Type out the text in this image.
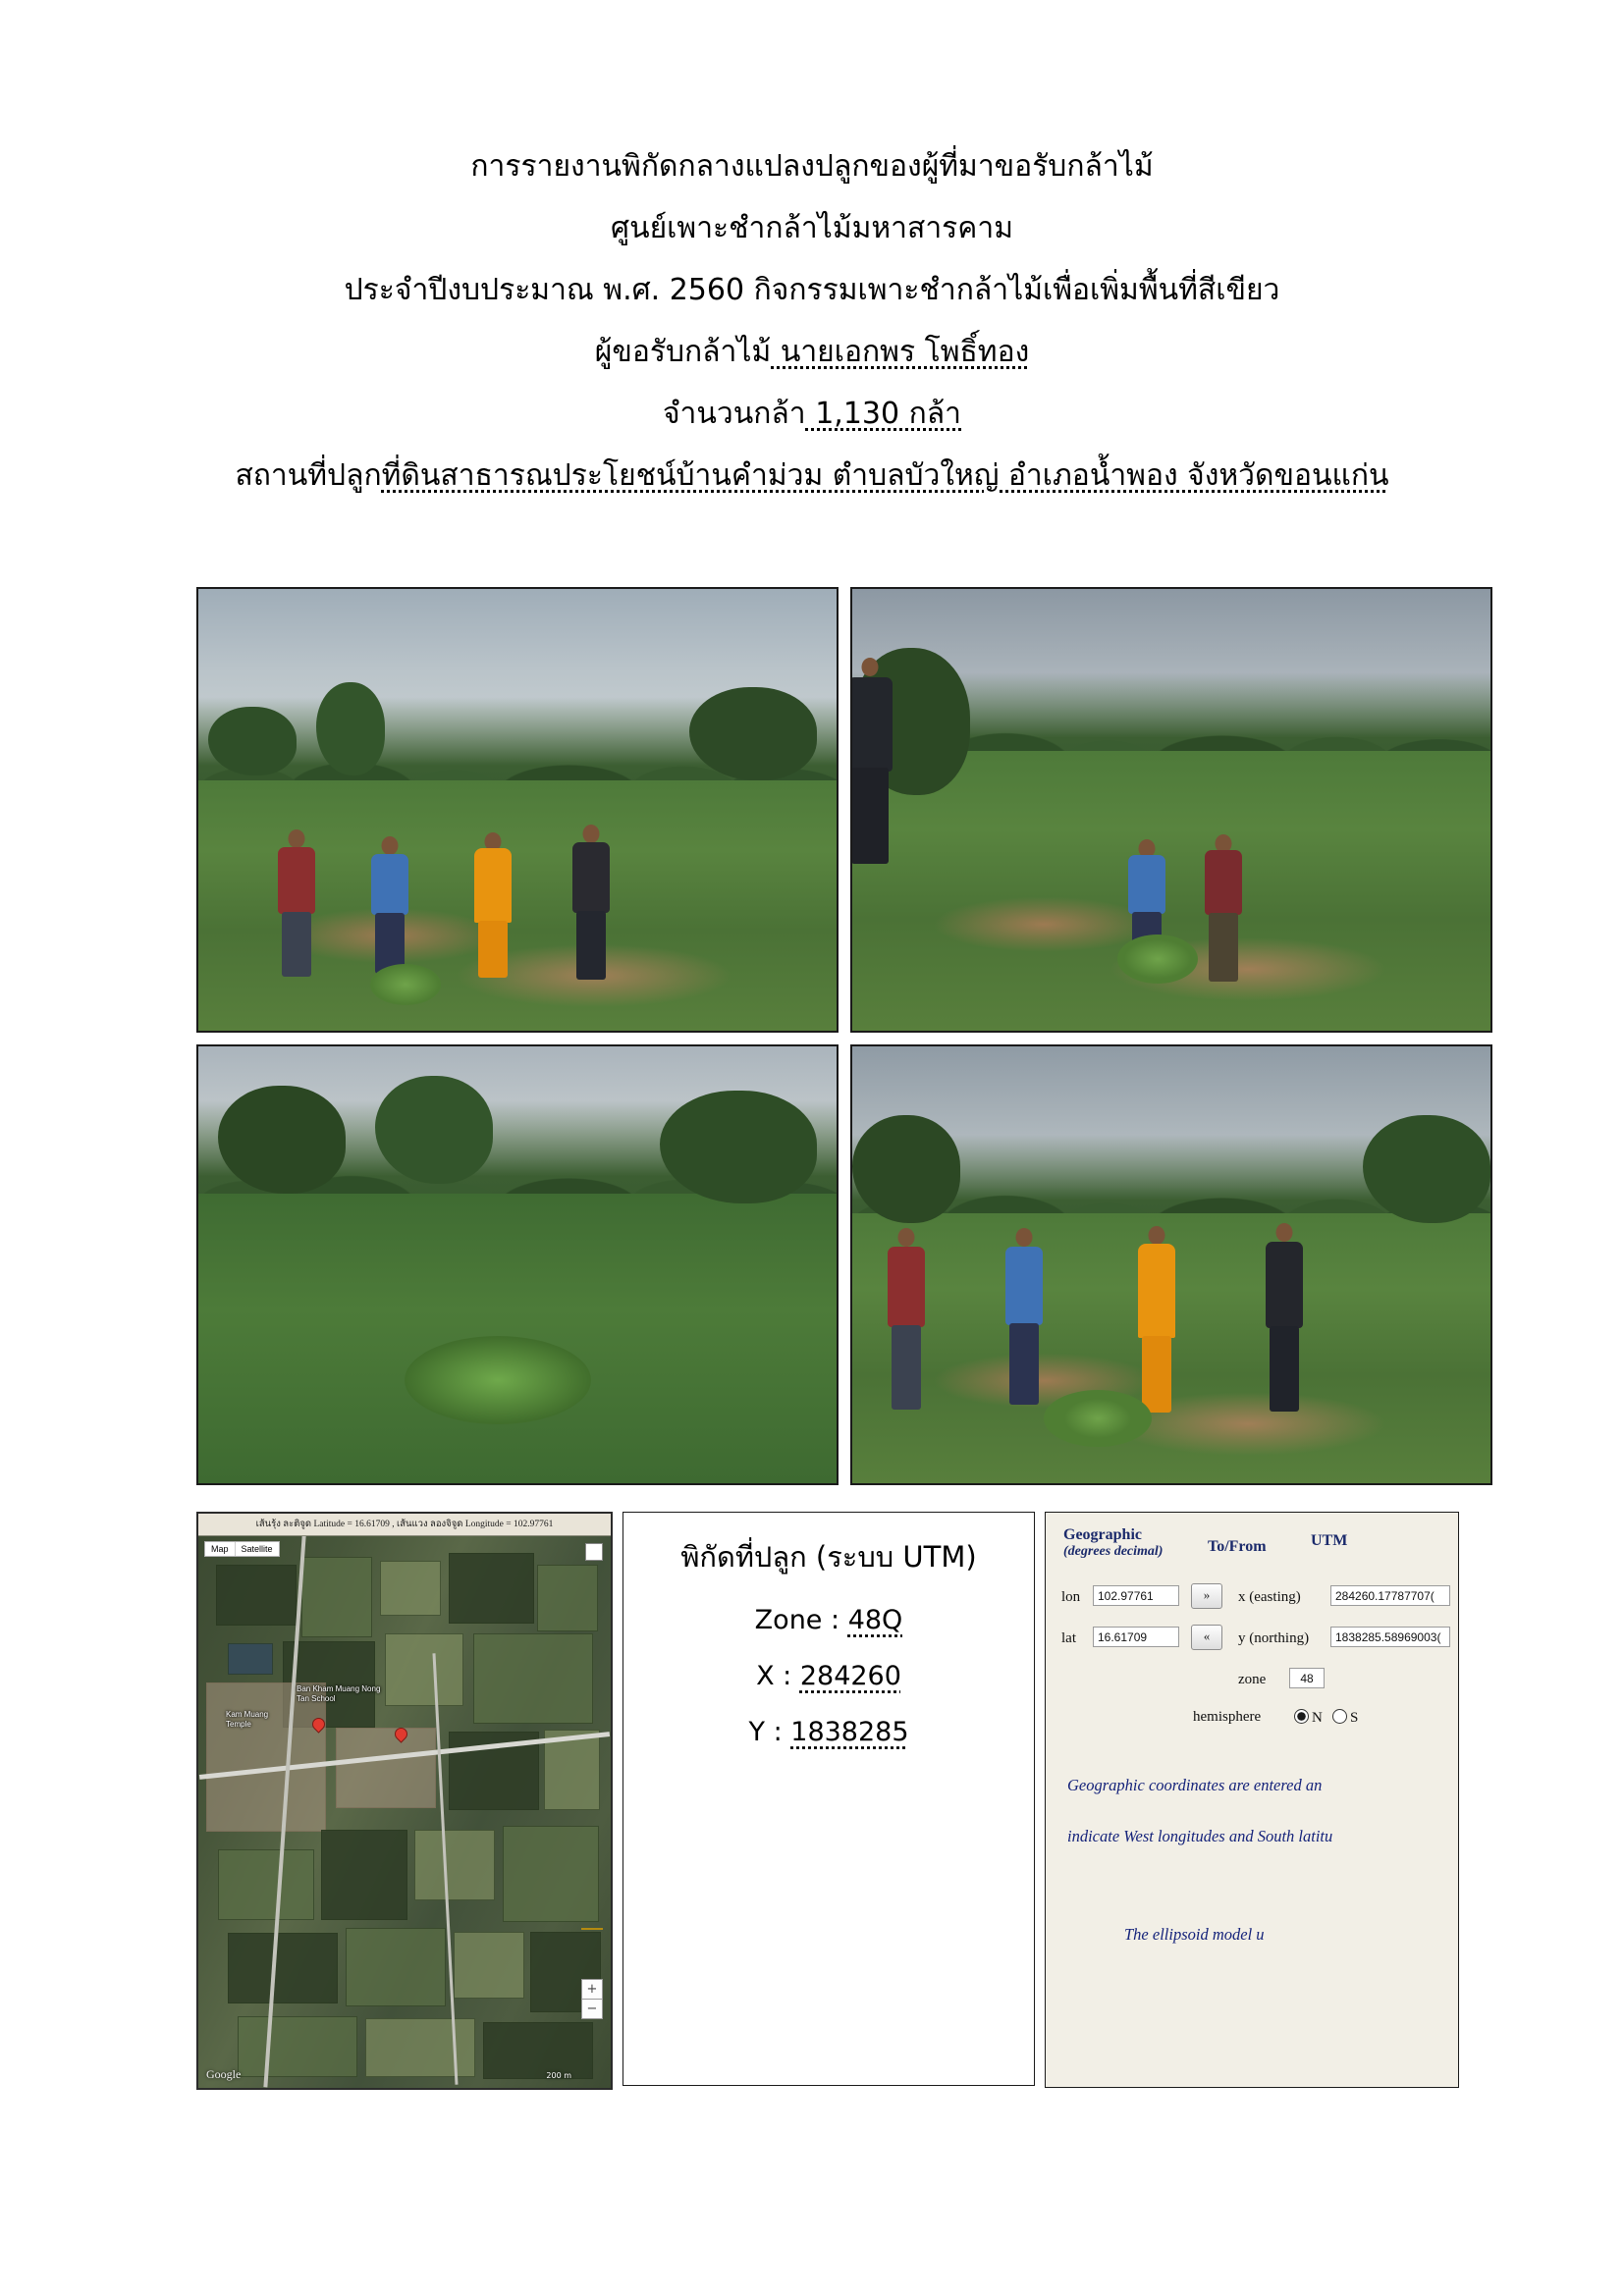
การรายงานพิกัดกลางแปลงปลูกของผู้ที่มาขอรับกล้าไม้
ศูนย์เพาะชำกล้าไม้มหาสารคาม
ประจำปีงบประมาณ พ.ศ. 2560 กิจกรรมเพาะชำกล้าไม้เพื่อเพิ่มพื้นที่สีเขียว
ผู้ขอรับกล้าไม้ นายเอกพร โพธิ์ทอง
จำนวนกล้า 1,130 กล้า
สถานที่ปลูกที่ดินสาธารณประโยชน์บ้านคำม่วม ตำบลบัวใหญ่ อำเภอน้ำพอง จังหวัดขอนแก่น
เส้นรุ้ง ละติจูด Latitude = 16.61709 , เส้นแวง ลองจิจูด Longitude = 102.97761
Ban Kham Muang Nong Tan School
Kam Muang Temple
Google	200 m
+
−
Map	Satellite	พิกัดที่ปลูก (ระบบ UTM)
Zone : 48Q
X : 284260
Y : 1838285
Geographic
(degrees decimal)	To/From	UTM
lon	102.97761	»
lat	16.61709	«
x (easting)	284260.17787707(
y (northing)	1838285.58969003(
zone	48
hemisphere	N	S
Geographic coordinates are entered an
indicate West longitudes and South latitu
The ellipsoid model u
